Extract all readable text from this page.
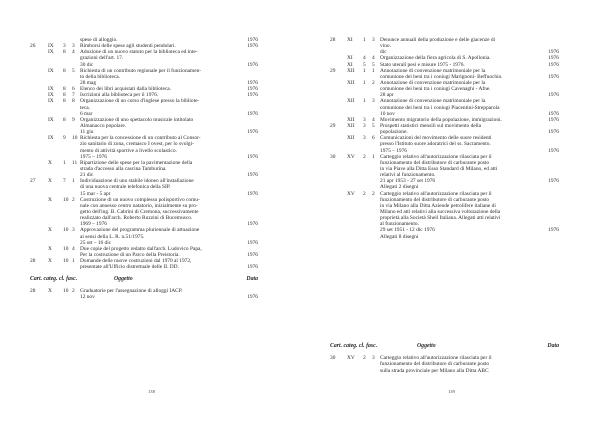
spese di alloggio.	1976
26 IX 3 3 Rimborsi delle spese agli studenti pendolari.	1976
IX 8 4 Adozione di un nuovo statuto per la biblioteca ed inte-
grazioni dell'art. 17.
30 dic	1976
IX 8 5 Richiesta di un contributo regionale per il funzionamen-
to della biblioteca.
28 mag	1976
IX 8 6 Elenco dei libri acquistati dalla biblioteca.	1976
IX 8 7 Iscrizioni alla biblioteca per il 1976.	1976
IX 8 8 Organizzazione di un corso d'inglese presso la bibliote-
teca.
6 mar	1976
IX 8 9 Organizzazione di uno spettacolo musicale intitolato
Almanacco popolare.
11 giu	1976
IX 9 10 Richiesta per la concessione di un contributo al Consor-
zio sanitario di zona, cremasco I ovest, per lo svolgi-
mento di attività sportive a livello scolastico.
1975 – 1976	1976
X 1 11 Ripartizione delle spese per la pavimentazione della
strada d'accesso alla cascina Tamburina.
21 dic	1976
27 X 7 1 Individuazione di uno stabile idoneo all'installazione
di una nuova centrale telefonica della SIP.
15 mar - 5 apr	1976
X 10 2 Costruzione di un nuovo complesso polisportivo comu-
nale con annesso centro natatorio, inizialmente su pro-
getto dell'ing. B. Cabrini di Cremona, successivamente
realizzato dall'arch. Roberto Ruzzini di Bucemusco.
1969 – 1976	1976
X 10 3 Approvazione del programma pluriennale di attuazione
ai sensi della L. R. n.51/1975.
25 ott – 16 dic	1976
X 10 4 Due copie del progetto redatto dall'arch. Ludovico Papa,
Per la costruzione di un Parco della Preistoria.	1976
28 X 10 1 Domande delle nuove costruzioni dal 1970 al 1972,
presentate all'Ufficio distrettuale delle II. DD.	1976
Cart. categ. cl. fasc.	Oggetto	Data
28 X 10 2 Graduatorie per l'assegnazione di alloggi IACP.
12 nov	1976
138
28 XI 1 3 Denunce annuali della produzione e delle giacenze di
vino.
dic	1976
XI 4 4 Organizzazione della fiera agricola di S. Apollonia.	1976
XI 5 5 Stato uterali pesi e misure 1975 - 1976.	1976
29 XII 1 1 Annotazione di convenzione matrimoniale per la
comunione dei beni tra i coniugi Marignoni- Beffuochio.	1976
XII 1 2 Annotazione di convenzione matrimoniale per la
comunione dei beni tra i coniugi Cavenaghi - Afne.
28 apr	1976
XII 1 3 Annotazione di convenzione matrimoniale per la
comunione dei beni tra i coniugi Piacentini-Strepparola
10 nov	1976
XII 3 4 Movimento migratorio della popolazione, immigrazioni.	1976
29 XII 3 5 Prospetti statistici mensili sul movimento della
popolazione.	1976
XII 3 6 Comunicazioni del movimento delle suore residenti
presso l'Istituto suore adoratrici del ss. Sacramento.
1975 – 1976	1976
30 XV 2 1 Carteggio relativo all'autorizzazione rilasciata per il
funzionamento del distributore di carburante posto
in via Piave alla Ditta Esso Standard di Milano, ed atti
relativi al funzionamento.
21 apr 1953 - 27 set 1976	1976
Allegati 2 disegni
XV 2 2 Carteggio relativo all'autorizzazione rilasciata per il
funzionamento del distributore di carburante posto
in via Milano alla Ditta Aziende petrolifere italiane di
Milano ed atti relativi alla successiva volturazione della
proprietà alla Società Shell Italiana. Allegati atti relativi
al funzionamento.
29 set 1951 - 12 dic 1976	1976
Allegati 8 disegni
Cart. categ. cl. fasc.	Oggetto	Data
30 XV 2 3 Carteggio relativo all'autorizzazione rilasciata per il
funzionamento del distributore di carburante posto
sulla strada provinciale per Milano alla Ditta ABC
139
